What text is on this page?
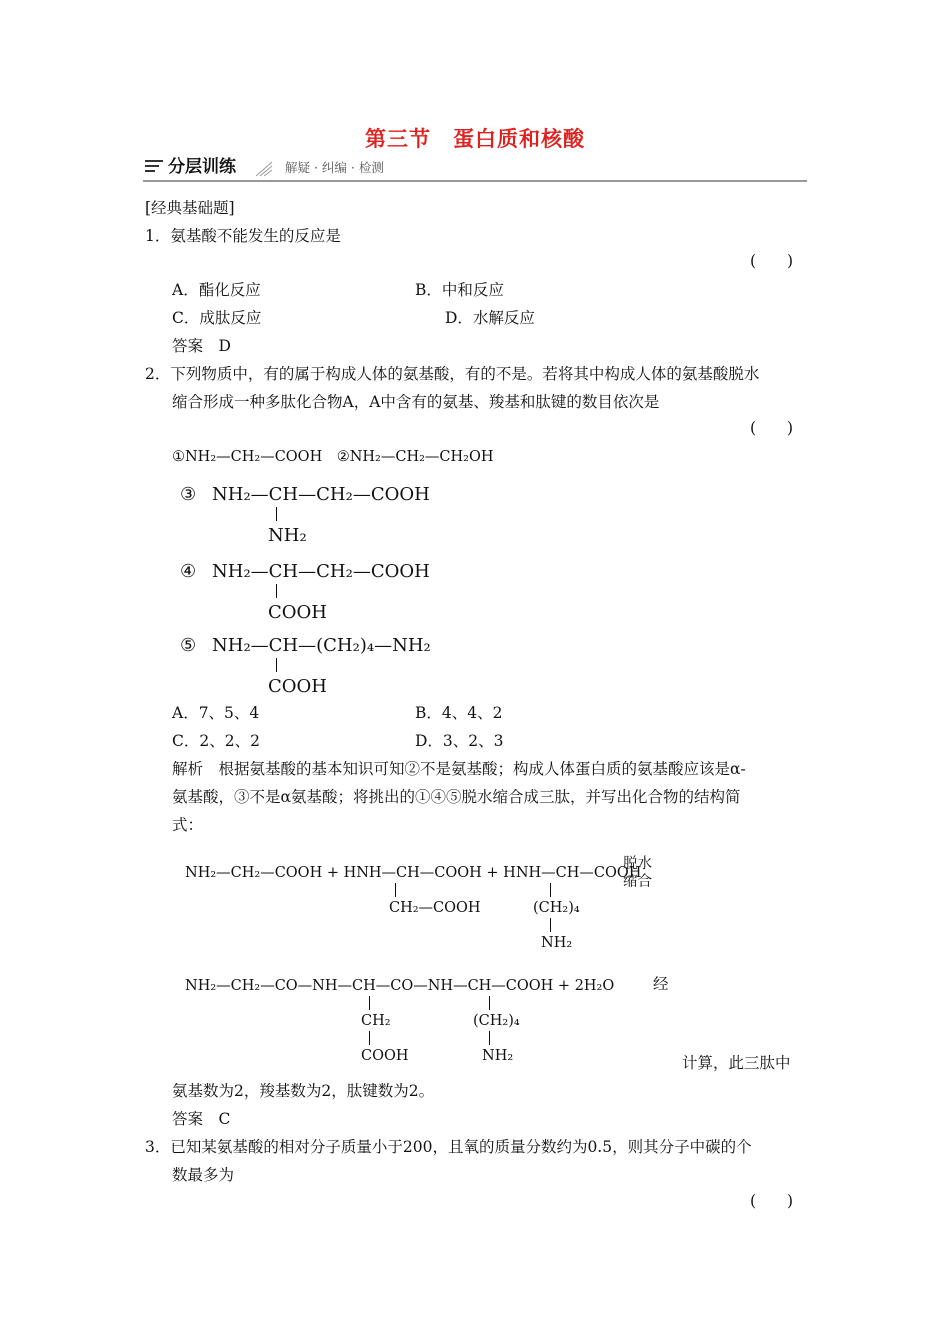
第三节　蛋白质和核酸
分层训练	解疑 · 纠编 · 检测
[经典基础题]
1．氨基酸不能发生的反应是
(　　)
A．酯化反应	B．中和反应
C．成肽反应	D．水解反应
答案　D
2．下列物质中，有的属于构成人体的氨基酸，有的不是。若将其中构成人体的氨基酸脱水
缩合形成一种多肽化合物A，A中含有的氨基、羧基和肽键的数目依次是
(　　)
①NH₂—CH₂—COOH　②NH₂—CH₂—CH₂OH
③ NH₂—CH—CH₂—COOH
NH₂
④ NH₂—CH—CH₂—COOH
COOH
⑤ NH₂—CH—(CH₂)₄—NH₂
COOH
A．7、5、4	B．4、4、2
C．2、2、2	D．3、2、3
解析　根据氨基酸的基本知识可知②不是氨基酸；构成人体蛋白质的氨基酸应该是α-
氨基酸，③不是α氨基酸；将挑出的①④⑤脱水缩合成三肽，并写出化合物的结构简
式：
NH₂—CH₂—COOH + HNH—CH—COOH + HNH—CH—COOH
脱水
缩合
CH₂—COOH	(CH₂)₄
NH₂
NH₂—CH₂—CO—NH—CH—CO—NH—CH—COOH + 2H₂O 经
CH₂
COOH
(CH₂)₄
NH₂	计算，此三肽中
氨基数为2，羧基数为2，肽键数为2。
答案　C
3．已知某氨基酸的相对分子质量小于200，且氧的质量分数约为0.5，则其分子中碳的个
数最多为
(　　)
